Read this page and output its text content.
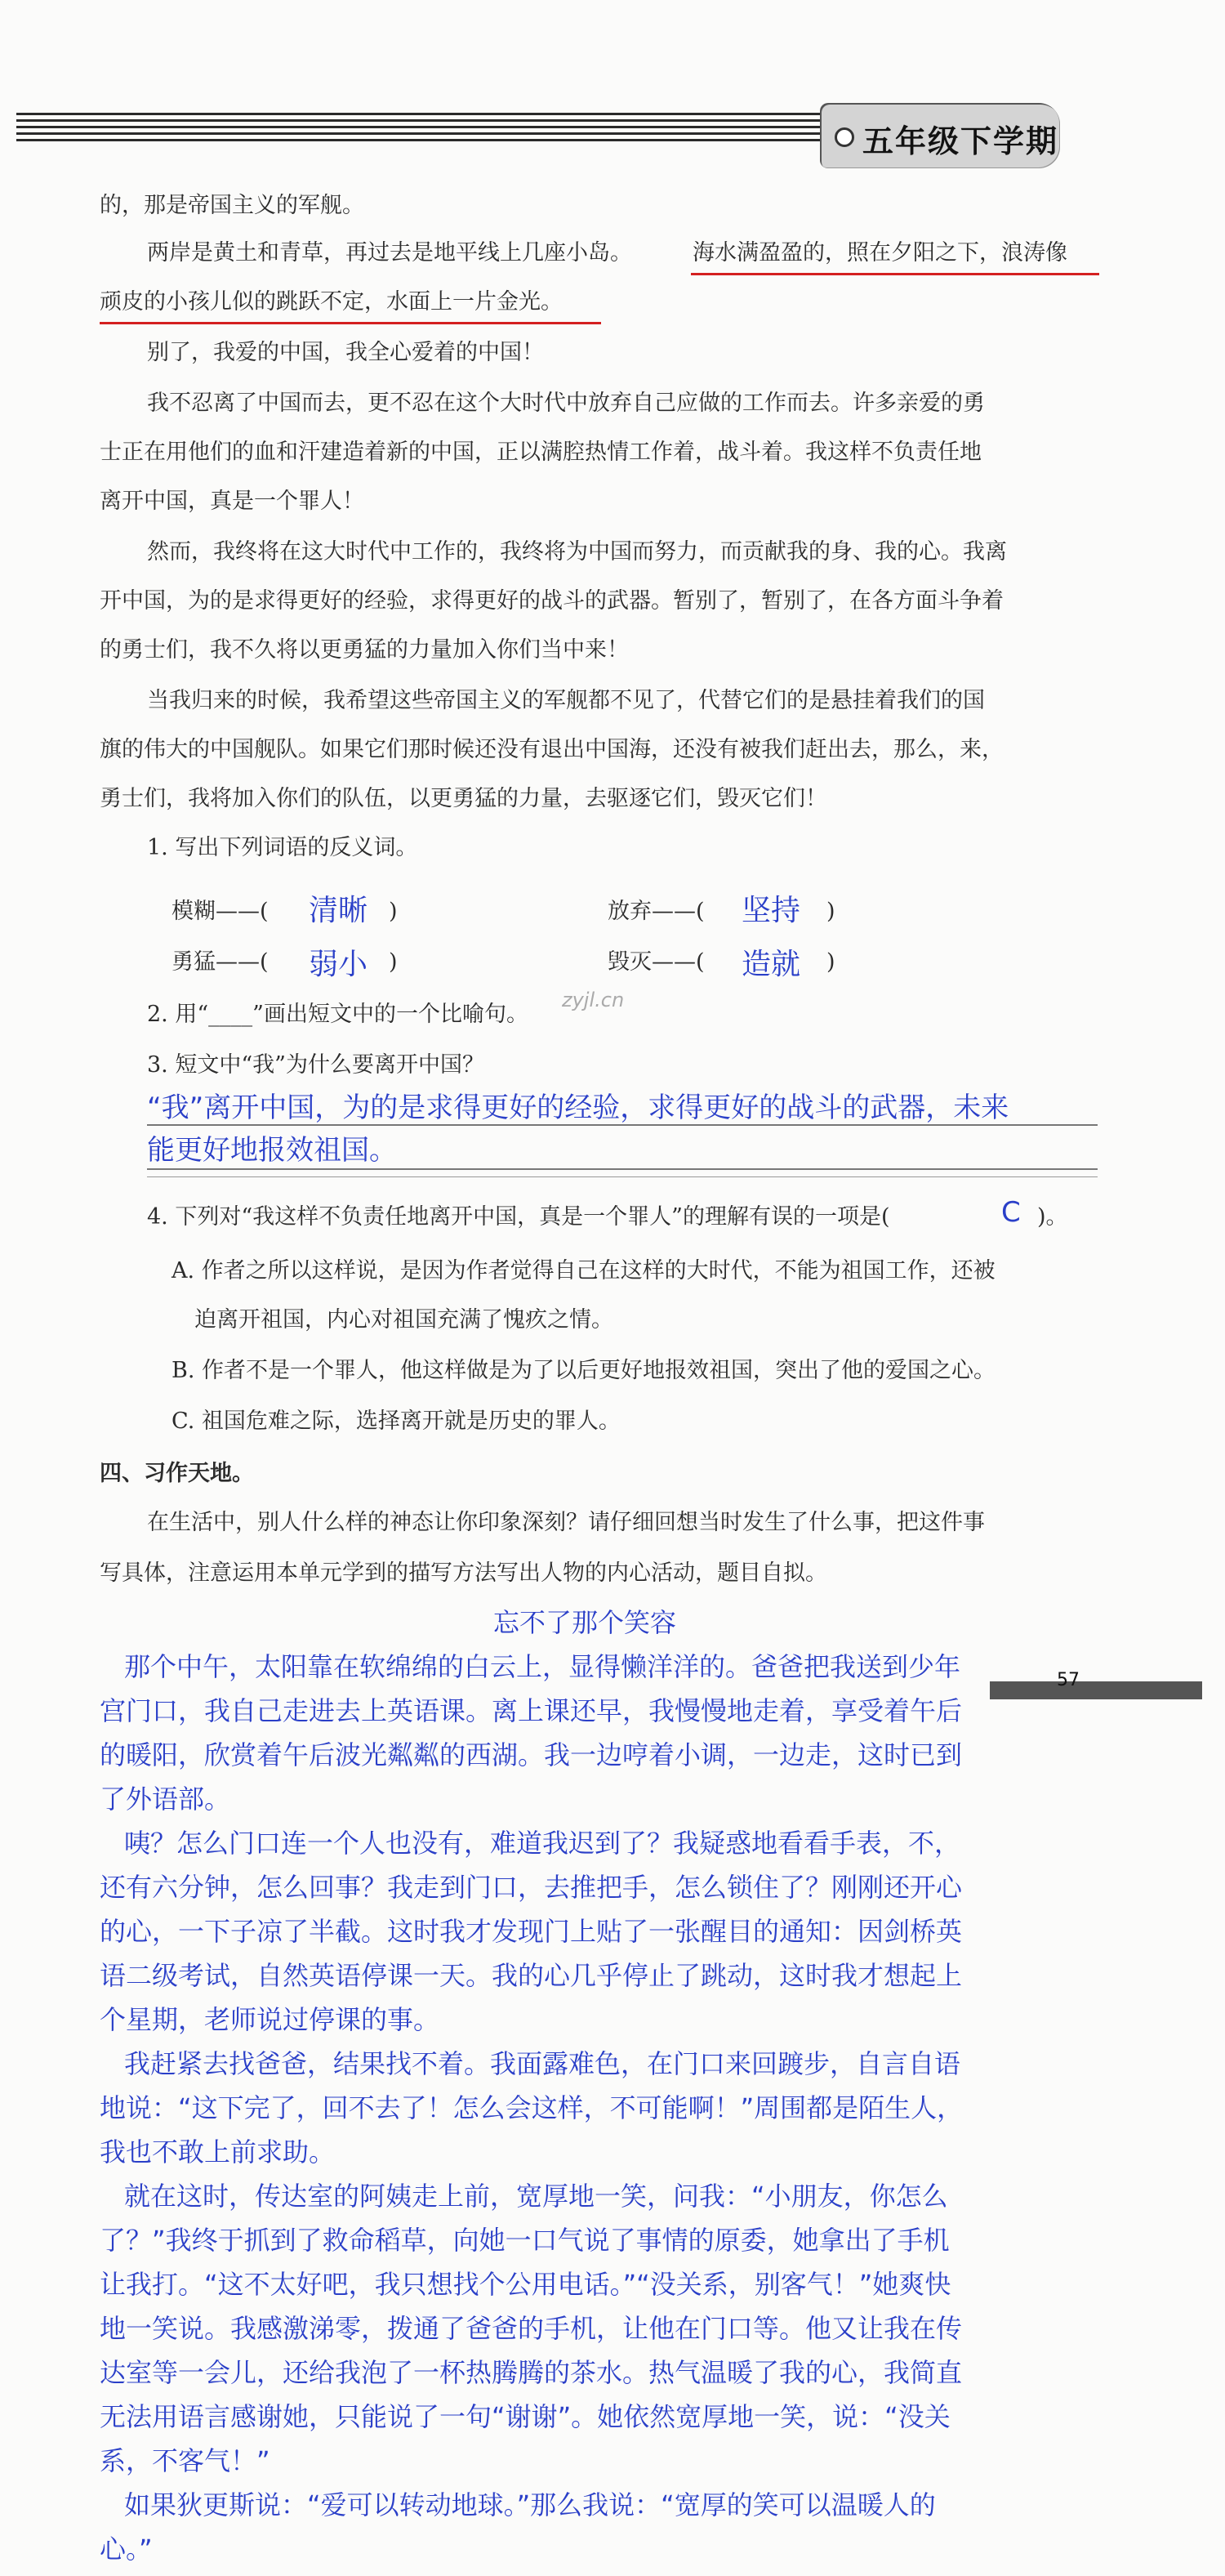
五年级下学期
的，那是帝国主义的军舰。
两岸是黄土和青草，再过去是地平线上几座小岛。	海水满盈盈的，照在夕阳之下，浪涛像
顽皮的小孩儿似的跳跃不定，水面上一片金光。
别了，我爱的中国，我全心爱着的中国！
我不忍离了中国而去，更不忍在这个大时代中放弃自己应做的工作而去。许多亲爱的勇
士正在用他们的血和汗建造着新的中国，正以满腔热情工作着，战斗着。我这样不负责任地
离开中国，真是一个罪人！
然而，我终将在这大时代中工作的，我终将为中国而努力，而贡献我的身、我的心。我离
开中国，为的是求得更好的经验，求得更好的战斗的武器。暂别了，暂别了，在各方面斗争着
的勇士们，我不久将以更勇猛的力量加入你们当中来！
当我归来的时候，我希望这些帝国主义的军舰都不见了，代替它们的是悬挂着我们的国
旗的伟大的中国舰队。如果它们那时候还没有退出中国海，还没有被我们赶出去，那么，来，
勇士们，我将加入你们的队伍，以更勇猛的力量，去驱逐它们，毁灭它们！
1. 写出下列词语的反义词。
模糊——( 清晰 )	放弃——( 坚持 )
勇猛——( 弱小 )	毁灭——( 造就 )
2. 用“____”画出短文中的一个比喻句。
zyjl.cn
3. 短文中“我”为什么要离开中国？
“我”离开中国，为的是求得更好的经验，求得更好的战斗的武器，未来
能更好地报效祖国。
4. 下列对“我这样不负责任地离开中国，真是一个罪人”的理解有误的一项是(	C )。
A. 作者之所以这样说，是因为作者觉得自己在这样的大时代，不能为祖国工作，还被
迫离开祖国，内心对祖国充满了愧疚之情。
B. 作者不是一个罪人，他这样做是为了以后更好地报效祖国，突出了他的爱国之心。
C. 祖国危难之际，选择离开就是历史的罪人。
四、习作天地。
在生活中，别人什么样的神态让你印象深刻？请仔细回想当时发生了什么事，把这件事
写具体，注意运用本单元学到的描写方法写出人物的内心活动，题目自拟。
忘不了那个笑容
那个中午，太阳靠在软绵绵的白云上，显得懒洋洋的。爸爸把我送到少年
宫门口，我自己走进去上英语课。离上课还早，我慢慢地走着，享受着午后
的暖阳，欣赏着午后波光粼粼的西湖。我一边哼着小调，一边走，这时已到
了外语部。
咦？怎么门口连一个人也没有，难道我迟到了？我疑惑地看看手表，不，
还有六分钟，怎么回事？我走到门口，去推把手，怎么锁住了？刚刚还开心
的心，一下子凉了半截。这时我才发现门上贴了一张醒目的通知：因剑桥英
语二级考试，自然英语停课一天。我的心几乎停止了跳动，这时我才想起上
个星期，老师说过停课的事。
我赶紧去找爸爸，结果找不着。我面露难色，在门口来回踱步，自言自语
地说：“这下完了，回不去了！怎么会这样，不可能啊！”周围都是陌生人，
我也不敢上前求助。
就在这时，传达室的阿姨走上前，宽厚地一笑，问我：“小朋友，你怎么
了？”我终于抓到了救命稻草，向她一口气说了事情的原委，她拿出了手机
让我打。“这不太好吧，我只想找个公用电话。”“没关系，别客气！”她爽快
地一笑说。我感激涕零，拨通了爸爸的手机，让他在门口等。他又让我在传
达室等一会儿，还给我泡了一杯热腾腾的茶水。热气温暖了我的心，我简直
无法用语言感谢她，只能说了一句“谢谢”。她依然宽厚地一笑，说：“没关
系，不客气！”
如果狄更斯说：“爱可以转动地球。”那么我说：“宽厚的笑可以温暖人的
心。”
57
